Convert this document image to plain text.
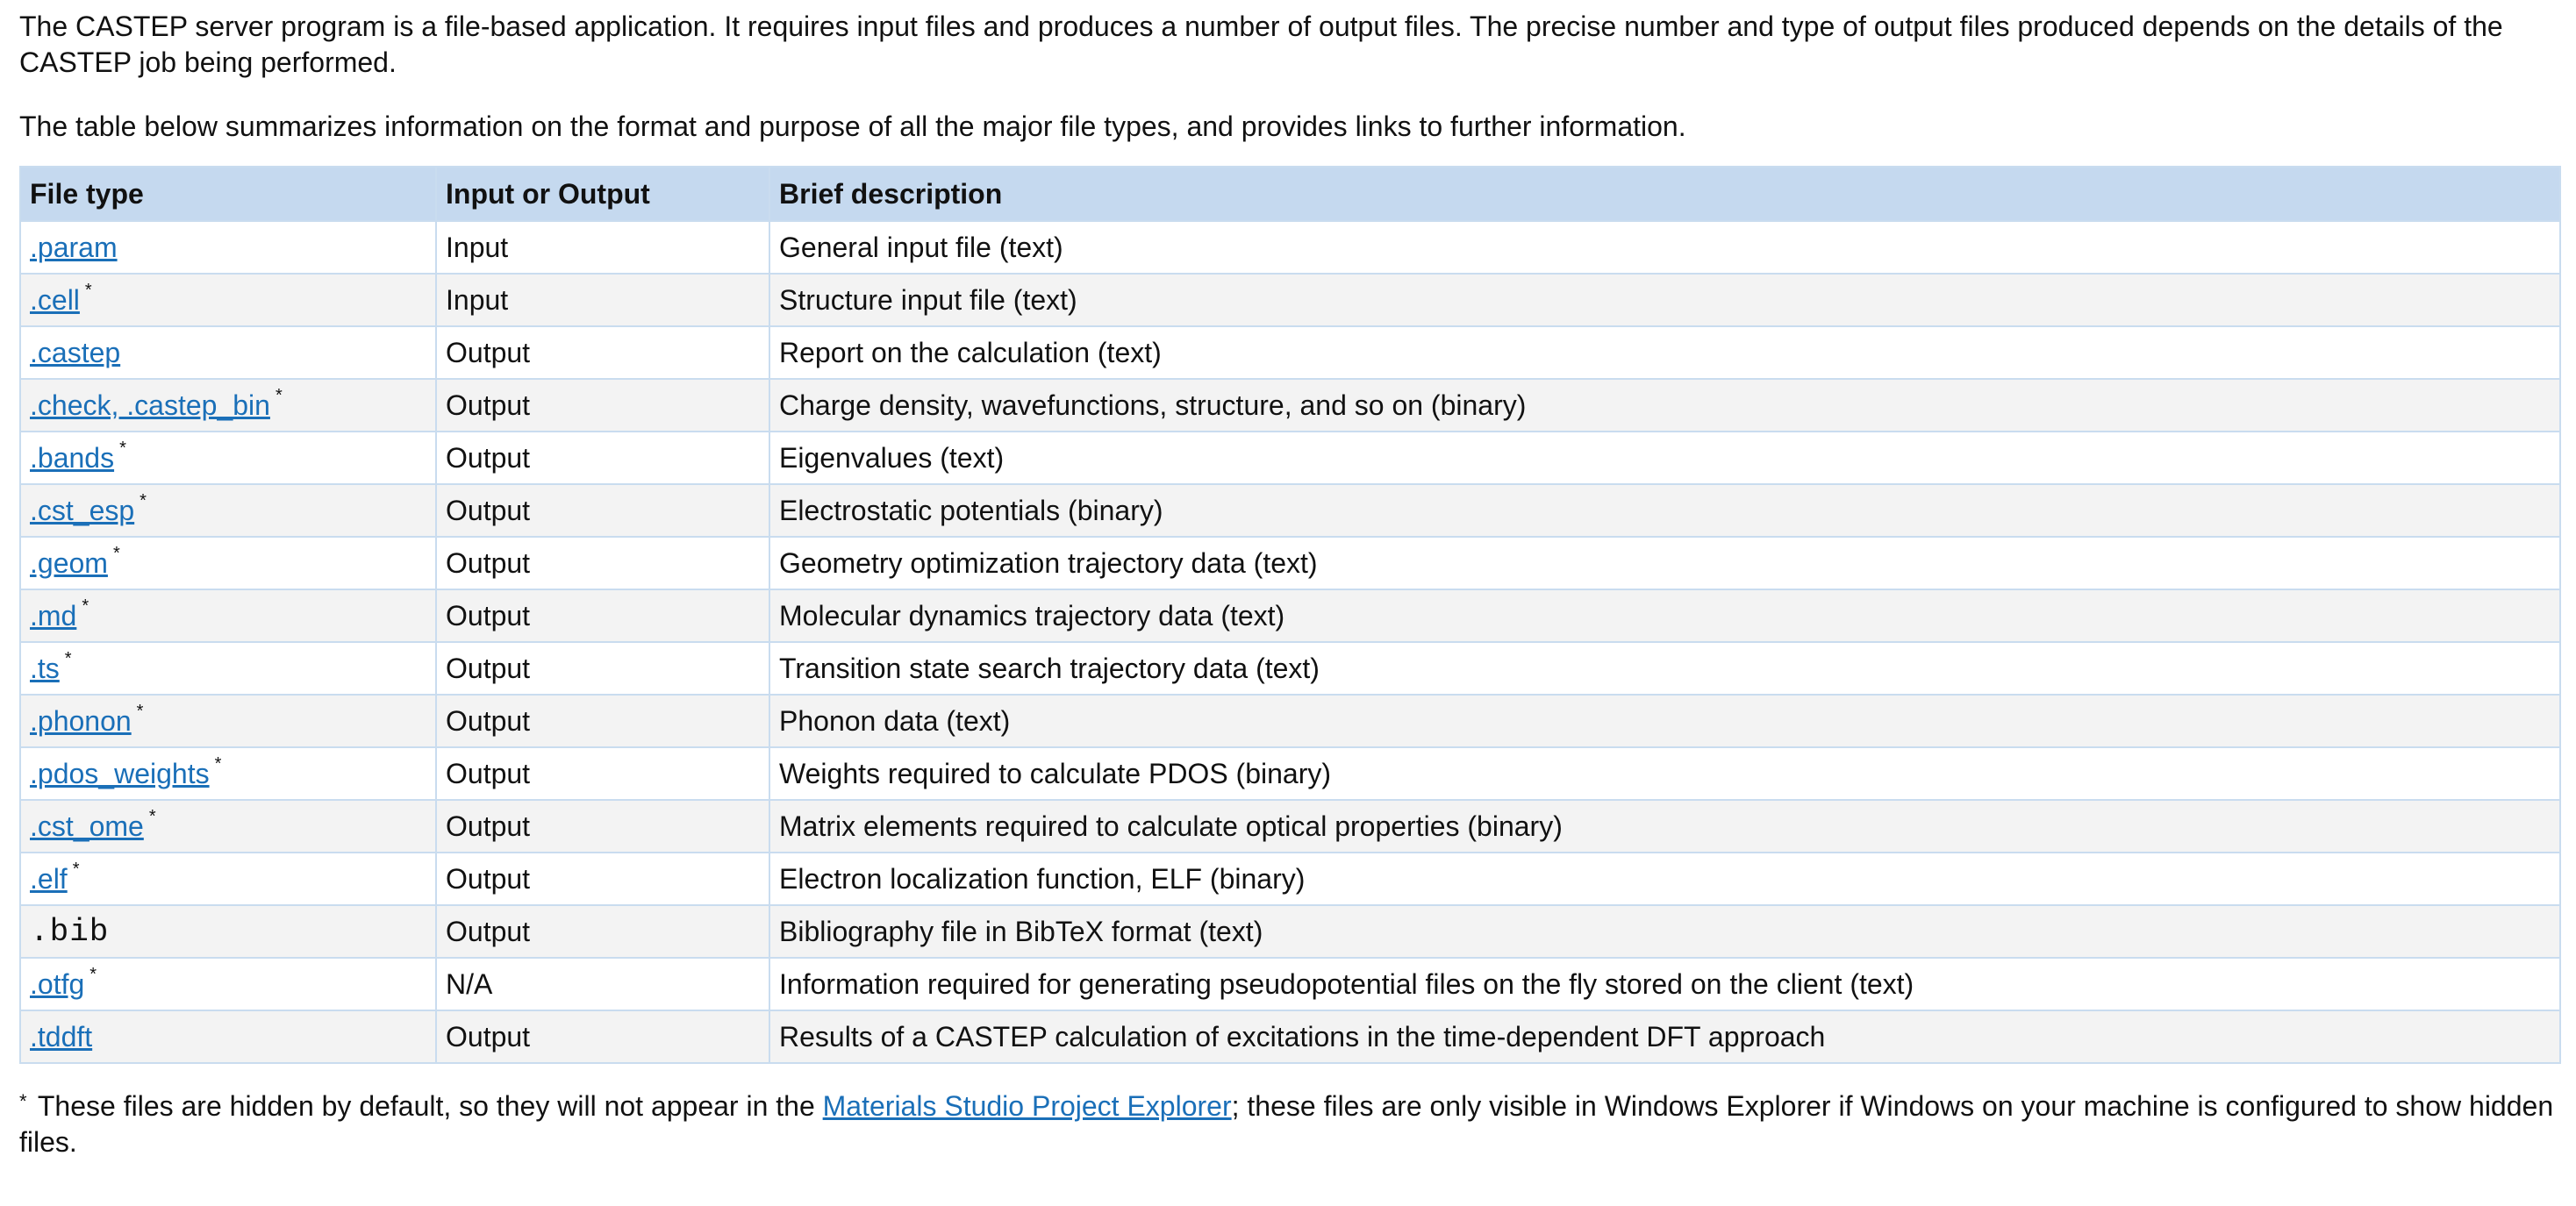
The CASTEP server program is a file-based application. It requires input files and produces a number of output files. The precise number and type of output files produced depends on the details of the CASTEP job being performed.

The table below summarizes information on the format and purpose of all the major file types, and provides links to further information.

File type	Input or Output	Brief description
.param	Input	General input file (text)
.cell *	Input	Structure input file (text)
.castep	Output	Report on the calculation (text)
.check, .castep_bin *	Output	Charge density, wavefunctions, structure, and so on (binary)
.bands *	Output	Eigenvalues (text)
.cst_esp *	Output	Electrostatic potentials (binary)
.geom *	Output	Geometry optimization trajectory data (text)
.md *	Output	Molecular dynamics trajectory data (text)
.ts *	Output	Transition state search trajectory data (text)
.phonon *	Output	Phonon data (text)
.pdos_weights *	Output	Weights required to calculate PDOS (binary)
.cst_ome *	Output	Matrix elements required to calculate optical properties (binary)
.elf *	Output	Electron localization function, ELF (binary)
.bib	Output	Bibliography file in BibTeX format (text)
.otfg *	N/A	Information required for generating pseudopotential files on the fly stored on the client (text)
.tddft	Output	Results of a CASTEP calculation of excitations in the time-dependent DFT approach

* These files are hidden by default, so they will not appear in the Materials Studio Project Explorer; these files are only visible in Windows Explorer if Windows on your machine is configured to show hidden files.
